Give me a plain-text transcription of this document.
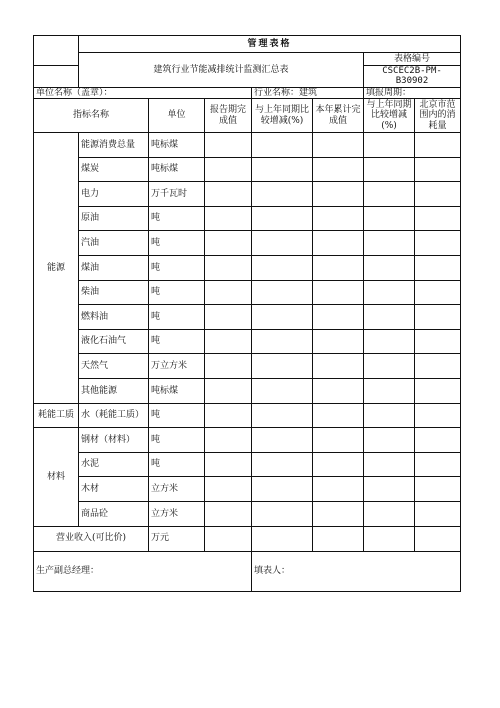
	管理表格						
	建筑行业节能减排统计监测汇总表					表格编号	
						CSCEC2B-PM-B30902	
单位名称（盖章）：				行业名称：建筑		填报周期：	
指标名称		单位	报告期完成值	与上年同期比较增减(%)	本年累计完成值	与上年同期比较增减(%)	北京市范围内的消耗量
能源	能源消费总量	吨标煤					
	煤炭	吨标煤					
	电力	万千瓦时					
	原油	吨					
	汽油	吨					
	煤油	吨					
	柴油	吨					
	燃料油	吨					
	液化石油气	吨					
	天然气	万立方米					
	其他能源	吨标煤					
耗能工质	水（耗能工质）	吨					
材料	钢材（材料）	吨					
	水泥	吨					
	木材	立方米					
	商品砼	立方米					
营业收入(可比价)		万元					
生产副总经理：				填表人：			
